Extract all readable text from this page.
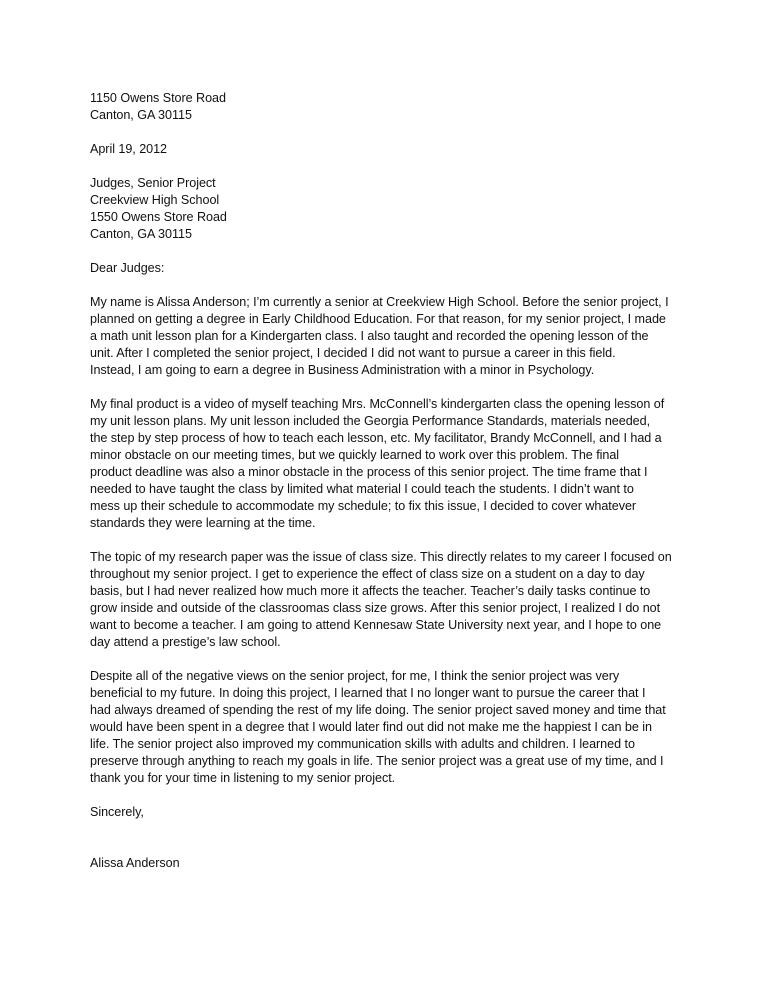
1150 Owens Store Road
Canton, GA 30115
April 19, 2012
Judges, Senior Project
Creekview High School
1550 Owens Store Road
Canton, GA 30115
Dear Judges:
My name is Alissa Anderson; I’m currently a senior at Creekview High School. Before the senior project, I
planned on getting a degree in Early Childhood Education. For that reason, for my senior project, I made
a math unit lesson plan for a Kindergarten class. I also taught and recorded the opening lesson of the
unit. After I completed the senior project, I decided I did not want to pursue a career in this field.
Instead, I am going to earn a degree in Business Administration with a minor in Psychology.
My final product is a video of myself teaching Mrs. McConnell’s kindergarten class the opening lesson of
my unit lesson plans. My unit lesson included the Georgia Performance Standards, materials needed,
the step by step process of how to teach each lesson, etc. My facilitator, Brandy McConnell, and I had a
minor obstacle on our meeting times, but we quickly learned to work over this problem. The final
product deadline was also a minor obstacle in the process of this senior project. The time frame that I
needed to have taught the class by limited what material I could teach the students. I didn’t want to
mess up their schedule to accommodate my schedule; to fix this issue, I decided to cover whatever
standards they were learning at the time.
The topic of my research paper was the issue of class size. This directly relates to my career I focused on
throughout my senior project. I get to experience the effect of class size on a student on a day to day
basis, but I had never realized how much more it affects the teacher. Teacher’s daily tasks continue to
grow inside and outside of the classroomas class size grows. After this senior project, I realized I do not
want to become a teacher. I am going to attend Kennesaw State University next year, and I hope to one
day attend a prestige’s law school.
Despite all of the negative views on the senior project, for me, I think the senior project was very
beneficial to my future. In doing this project, I learned that I no longer want to pursue the career that I
had always dreamed of spending the rest of my life doing. The senior project saved money and time that
would have been spent in a degree that I would later find out did not make me the happiest I can be in
life. The senior project also improved my communication skills with adults and children. I learned to
preserve through anything to reach my goals in life. The senior project was a great use of my time, and I
thank you for your time in listening to my senior project.
Sincerely,
Alissa Anderson
